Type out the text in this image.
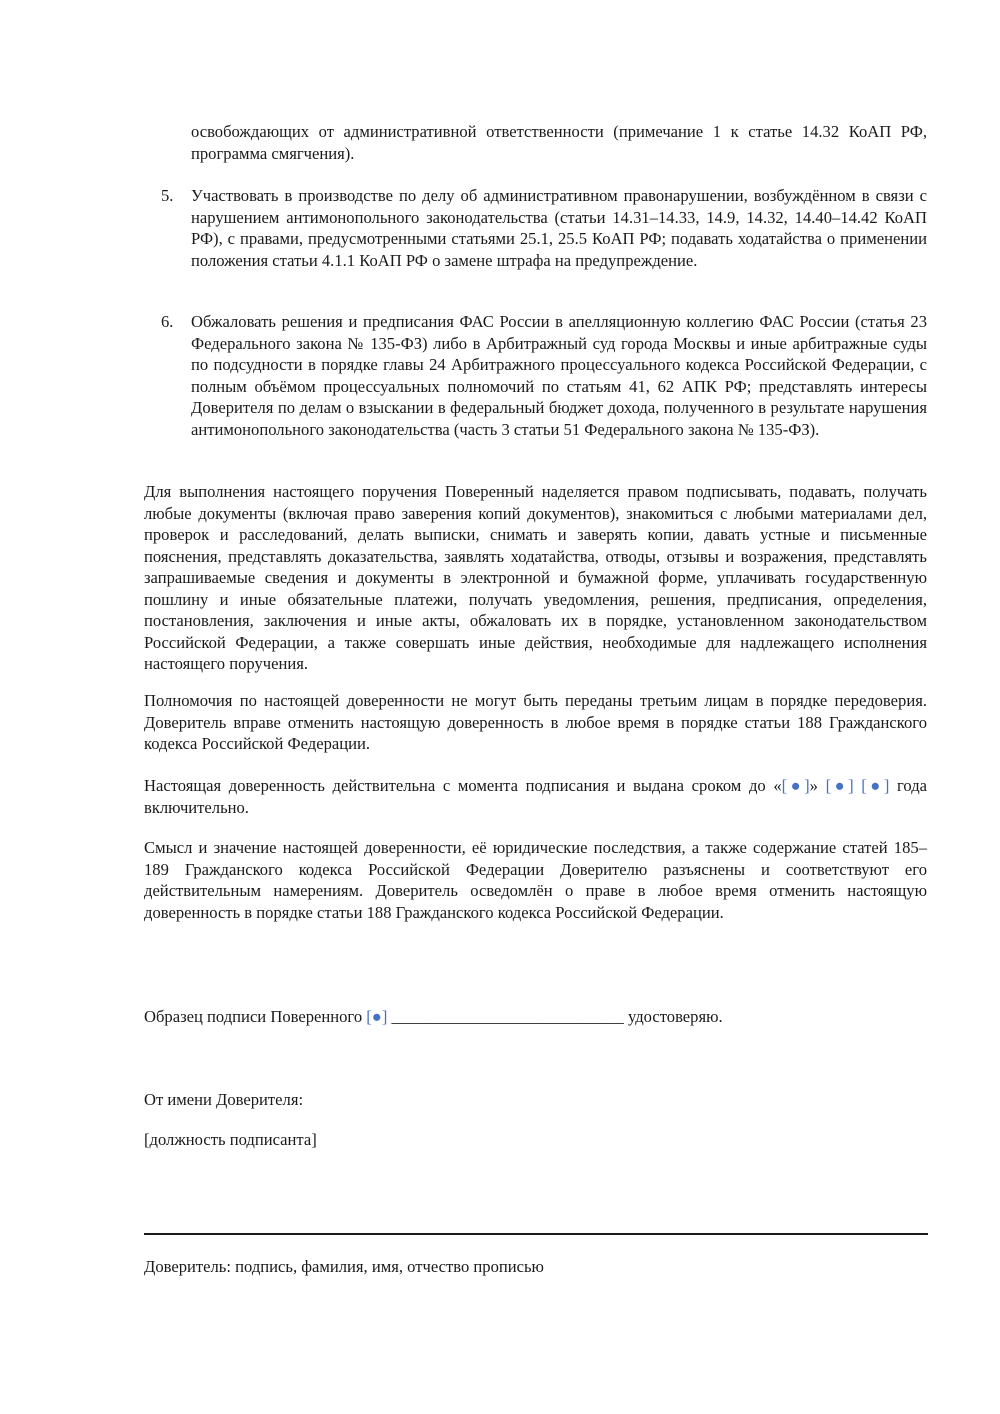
освобождающих от административной ответственности (примечание 1 к статье 14.32 КоАП РФ, программа смягчения).

5. Участвовать в производстве по делу об административном правонарушении, возбуждённом в связи с нарушением антимонопольного законодательства (статьи 14.31–14.33, 14.9, 14.32, 14.40–14.42 КоАП РФ), с правами, предусмотренными статьями 25.1, 25.5 КоАП РФ; подавать ходатайства о применении положения статьи 4.1.1 КоАП РФ о замене штрафа на предупреждение.

6. Обжаловать решения и предписания ФАС России в апелляционную коллегию ФАС России (статья 23 Федерального закона № 135-ФЗ) либо в Арбитражный суд города Москвы и иные арбитражные суды по подсудности в порядке главы 24 Арбитражного процессуального кодекса Российской Федерации, с полным объёмом процессуальных полномочий по статьям 41, 62 АПК РФ; представлять интересы Доверителя по делам о взыскании в федеральный бюджет дохода, полученного в результате нарушения антимонопольного законодательства (часть 3 статьи 51 Федерального закона № 135-ФЗ).

Для выполнения настоящего поручения Поверенный наделяется правом подписывать, подавать, получать любые документы (включая право заверения копий документов), знакомиться с любыми материалами дел, проверок и расследований, делать выписки, снимать и заверять копии, давать устные и письменные пояснения, представлять доказательства, заявлять ходатайства, отводы, отзывы и возражения, представлять запрашиваемые сведения и документы в электронной и бумажной форме, уплачивать государственную пошлину и иные обязательные платежи, получать уведомления, решения, предписания, определения, постановления, заключения и иные акты, обжаловать их в порядке, установленном законодательством Российской Федерации, а также совершать иные действия, необходимые для надлежащего исполнения настоящего поручения.

Полномочия по настоящей доверенности не могут быть переданы третьим лицам в порядке передоверия. Доверитель вправе отменить настоящую доверенность в любое время в порядке статьи 188 Гражданского кодекса Российской Федерации.

Настоящая доверенность действительна с момента подписания и выдана сроком до «[●]» [●] [●] года включительно.

Смысл и значение настоящей доверенности, её юридические последствия, а также содержание статей 185–189 Гражданского кодекса Российской Федерации Доверителю разъяснены и соответствуют его действительным намерениям. Доверитель осведомлён о праве в любое время отменить настоящую доверенность в порядке статьи 188 Гражданского кодекса Российской Федерации.

Образец подписи Поверенного [●] ____________________________ удостоверяю.

От имени Доверителя:

[должность подписанта]

Доверитель: подпись, фамилия, имя, отчество прописью
